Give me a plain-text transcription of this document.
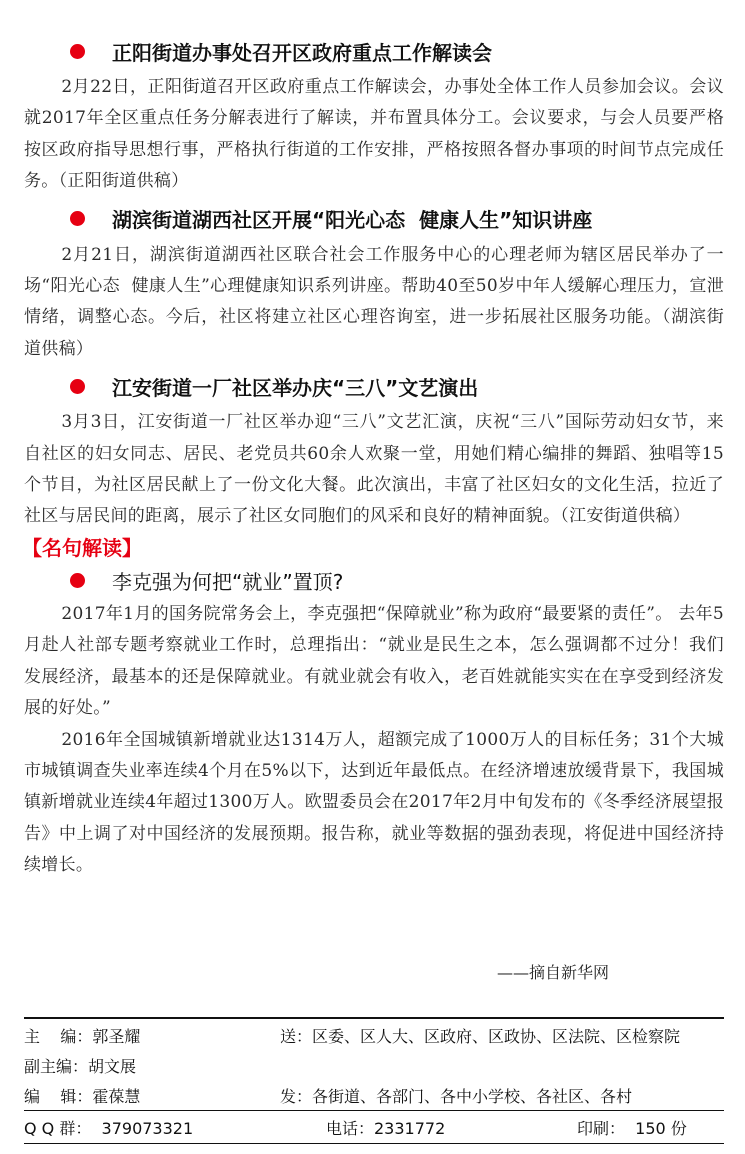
正阳街道办事处召开区政府重点工作解读会

2月22日，正阳街道召开区政府重点工作解读会，办事处全体工作人员参加会议。会议就2017年全区重点任务分解表进行了解读，并布置具体分工。会议要求，与会人员要严格按区政府指导思想行事，严格执行街道的工作安排，严格按照各督办事项的时间节点完成任务。（正阳街道供稿）

湖滨街道湖西社区开展“阳光心态  健康人生”知识讲座

2月21日，湖滨街道湖西社区联合社会工作服务中心的心理老师为辖区居民举办了一场“阳光心态  健康人生”心理健康知识系列讲座。帮助40至50岁中年人缓解心理压力，宣泄情绪，调整心态。今后，社区将建立社区心理咨询室，进一步拓展社区服务功能。（湖滨街道供稿）

江安街道一厂社区举办庆“三八”文艺演出

3月3日，江安街道一厂社区举办迎“三八”文艺汇演，庆祝“三八”国际劳动妇女节，来自社区的妇女同志、居民、老党员共60余人欢聚一堂，用她们精心编排的舞蹈、独唱等15个节目，为社区居民献上了一份文化大餐。此次演出，丰富了社区妇女的文化生活，拉近了社区与居民间的距离，展示了社区女同胞们的风采和良好的精神面貌。（江安街道供稿）

【名句解读】
李克强为何把“就业”置顶?

2017年1月的国务院常务会上，李克强把“保障就业”称为政府“最要紧的责任”。 去年5月赴人社部专题考察就业工作时，总理指出：“就业是民生之本，怎么强调都不过分！我们发展经济，最基本的还是保障就业。有就业就会有收入，老百姓就能实实在在享受到经济发展的好处。”

2016年全国城镇新增就业达1314万人，超额完成了1000万人的目标任务；31个大城市城镇调查失业率连续4个月在5%以下，达到近年最低点。在经济增速放缓背景下，我国城镇新增就业连续4年超过1300万人。欧盟委员会在2017年2月中旬发布的《冬季经济展望报告》中上调了对中国经济的发展预期。报告称，就业等数据的强劲表现，将促进中国经济持续增长。

——摘自新华网
主    编：郭圣耀	送：区委、区人大、区政府、区政协、区法院、区检察院
副主编：胡文展
编    辑：霍葆慧	发：各街道、各部门、各中小学校、各社区、各村
Q Q 群：  379073321	电话：2331772	印刷：  150 份
